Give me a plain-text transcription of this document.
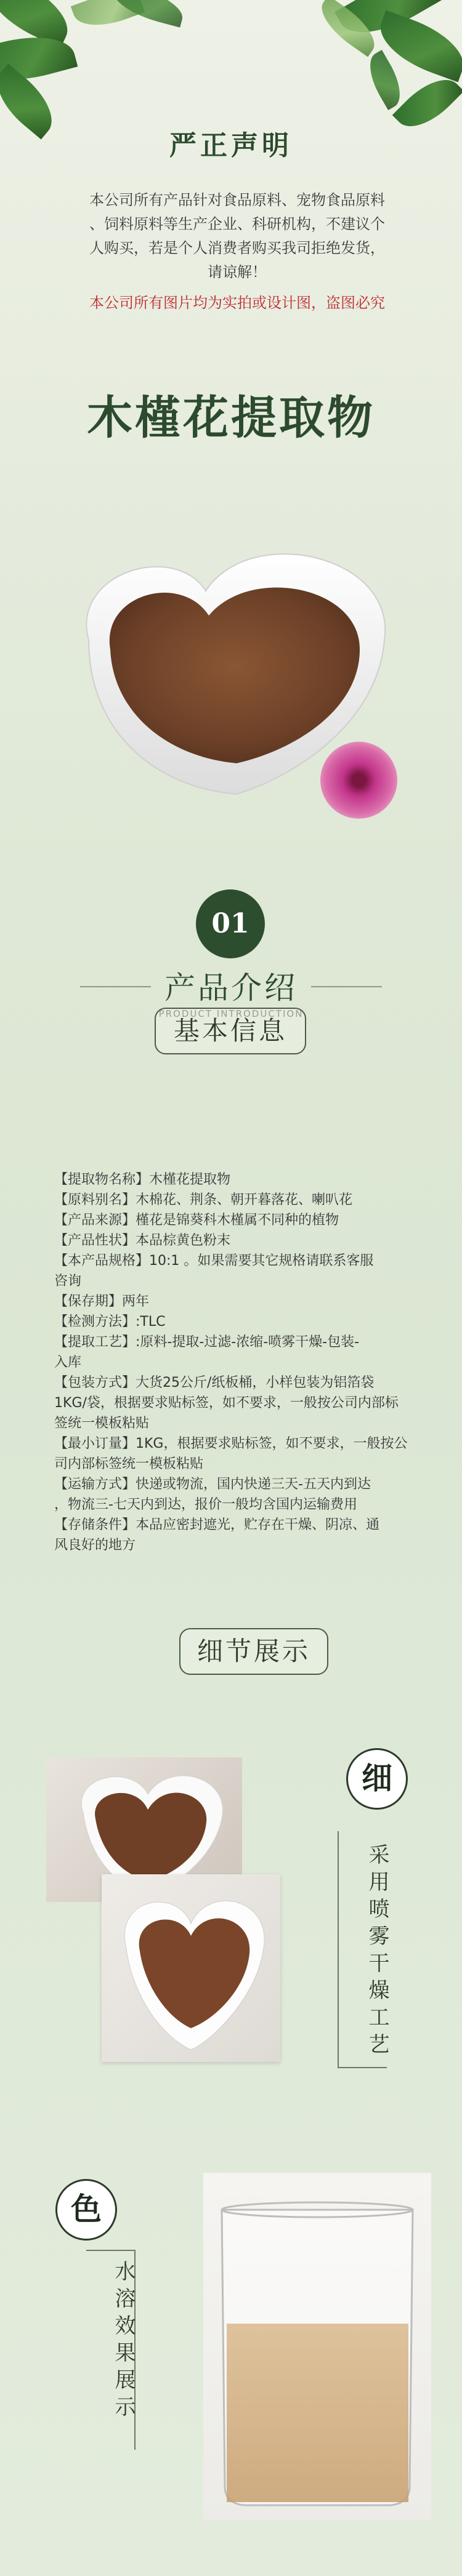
严正声明
本公司所有产品针对食品原料、宠物食品原料
、饲料原料等生产企业、科研机构，不建议个
人购买，若是个人消费者购买我司拒绝发货，
请谅解！
本公司所有图片均为实拍或设计图，盗图必究
木槿花提取物
01
产品介绍
PRODUCT INTRODUCTION
基本信息

【提取物名称】木槿花提取物

【原料别名】木棉花、荆条、朝开暮落花、喇叭花

【产品来源】槿花是锦葵科木槿属不同种的植物

【产品性状】本品棕黄色粉末

【本产品规格】10:1 。如果需要其它规格请联系客服

咨询

【保存期】两年

【检测方法】:TLC

【提取工艺】:原料-提取-过滤-浓缩-喷雾干燥-包装-

入库

【包装方式】大货25公斤/纸板桶，小样包装为铝箔袋

1KG/袋，根据要求贴标签，如不要求，一般按公司内部标

签统一模板粘贴

【最小订量】1KG，根据要求贴标签，如不要求，一般按公

司内部标签统一模板粘贴

【运输方式】快递或物流，国内快递三天-五天内到达

，物流三-七天内到达，报价一般均含国内运输费用

【存储条件】本品应密封遮光，贮存在干燥、阴凉、通

风良好的地方

细节展示
细
采用喷雾干燥工艺
色
水溶效果展示
